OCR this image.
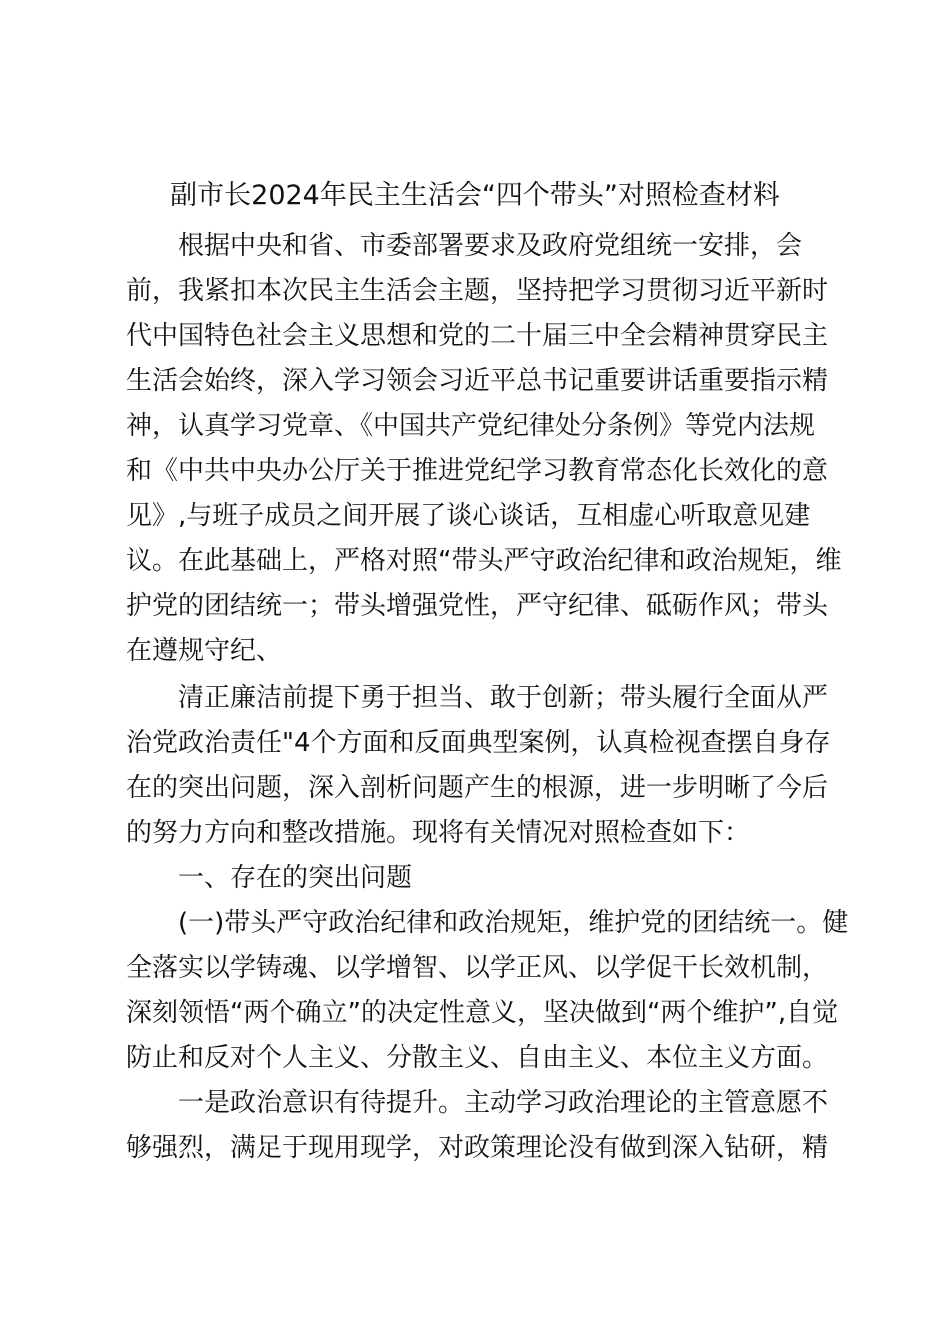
副市长2024年民主生活会“四个带头”对照检查材料
根据中央和省、市委部署要求及政府党组统一安排，会
前，我紧扣本次民主生活会主题，坚持把学习贯彻习近平新时
代中国特色社会主义思想和党的二十届三中全会精神贯穿民主
生活会始终，深入学习领会习近平总书记重要讲话重要指示精
神，认真学习党章、《中国共产党纪律处分条例》等党内法规
和《中共中央办公厅关于推进党纪学习教育常态化长效化的意
见》,与班子成员之间开展了谈心谈话，互相虚心听取意见建
议。在此基础上，严格对照“带头严守政治纪律和政治规矩，维
护党的团结统一；带头增强党性，严守纪律、砥砺作风；带头
在遵规守纪、
清正廉洁前提下勇于担当、敢于创新；带头履行全面从严
治党政治责任"4个方面和反面典型案例，认真检视查摆自身存
在的突出问题，深入剖析问题产生的根源，进一步明晰了今后
的努力方向和整改措施。现将有关情况对照检查如下：
一、存在的突出问题
(一)带头严守政治纪律和政治规矩，维护党的团结统一。健
全落实以学铸魂、以学增智、以学正风、以学促干长效机制，
深刻领悟“两个确立”的决定性意义，坚决做到“两个维护”,自觉
防止和反对个人主义、分散主义、自由主义、本位主义方面。
一是政治意识有待提升。主动学习政治理论的主管意愿不
够强烈，满足于现用现学，对政策理论没有做到深入钻研，精
